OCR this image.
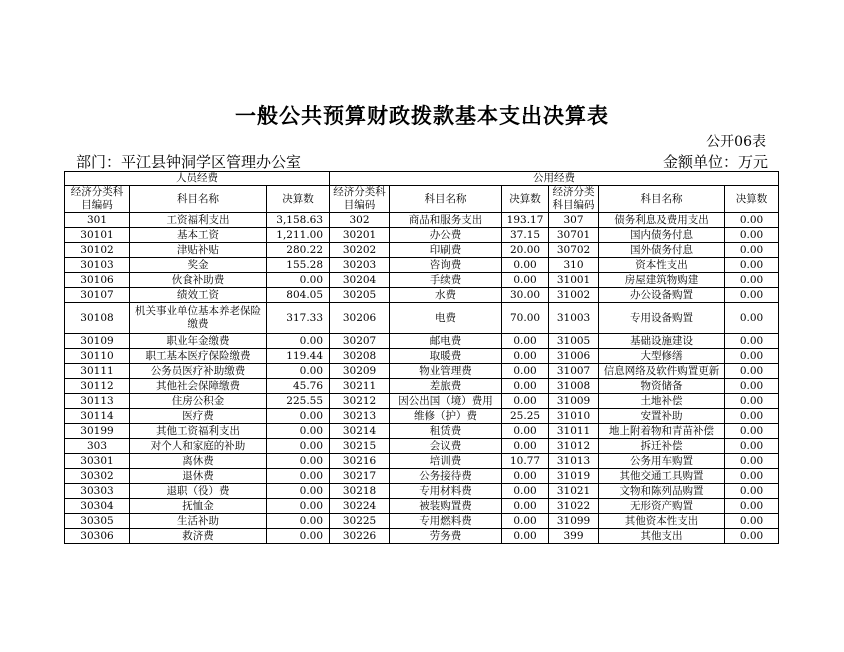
一般公共预算财政拨款基本支出决算表
公开06表
部门：平江县钟洞学区管理办公室	金额单位：万元
人员经费			公用经费					
经济分类科目编码	科目名称	决算数	经济分类科目编码	科目名称	决算数	经济分类科目编码	科目名称	决算数
301	工资福利支出	3,158.63	302	商品和服务支出	193.17	307	债务利息及费用支出	0.00
30101	基本工资	1,211.00	30201	办公费	37.15	30701	国内债务付息	0.00
30102	津贴补贴	280.22	30202	印刷费	20.00	30702	国外债务付息	0.00
30103	奖金	155.28	30203	咨询费	0.00	310	资本性支出	0.00
30106	伙食补助费	0.00	30204	手续费	0.00	31001	房屋建筑物购建	0.00
30107	绩效工资	804.05	30205	水费	30.00	31002	办公设备购置	0.00
30108	机关事业单位基本养老保险缴费	317.33	30206	电费	70.00	31003	专用设备购置	0.00
30109	职业年金缴费	0.00	30207	邮电费	0.00	31005	基础设施建设	0.00
30110	职工基本医疗保险缴费	119.44	30208	取暖费	0.00	31006	大型修缮	0.00
30111	公务员医疗补助缴费	0.00	30209	物业管理费	0.00	31007	信息网络及软件购置更新	0.00
30112	其他社会保障缴费	45.76	30211	差旅费	0.00	31008	物资储备	0.00
30113	住房公积金	225.55	30212	因公出国（境）费用	0.00	31009	土地补偿	0.00
30114	医疗费	0.00	30213	维修（护）费	25.25	31010	安置补助	0.00
30199	其他工资福利支出	0.00	30214	租赁费	0.00	31011	地上附着物和青苗补偿	0.00
303	对个人和家庭的补助	0.00	30215	会议费	0.00	31012	拆迁补偿	0.00
30301	离休费	0.00	30216	培训费	10.77	31013	公务用车购置	0.00
30302	退休费	0.00	30217	公务接待费	0.00	31019	其他交通工具购置	0.00
30303	退职（役）费	0.00	30218	专用材料费	0.00	31021	文物和陈列品购置	0.00
30304	抚恤金	0.00	30224	被装购置费	0.00	31022	无形资产购置	0.00
30305	生活补助	0.00	30225	专用燃料费	0.00	31099	其他资本性支出	0.00
30306	救济费	0.00	30226	劳务费	0.00	399	其他支出	0.00
